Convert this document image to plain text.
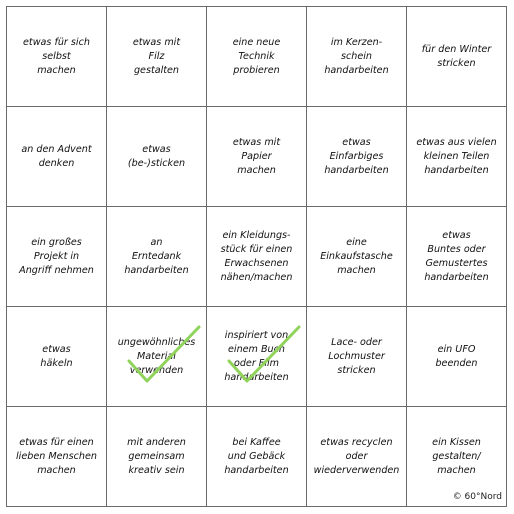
etwas für sich
selbst
machen
etwas mit
Filz
gestalten
eine neue
Technik
probieren
im Kerzen-
schein
handarbeiten
für den Winter
stricken
an den Advent
denken
etwas
(be-)sticken
etwas mit
Papier
machen
etwas
Einfarbiges
handarbeiten
etwas aus vielen
kleinen Teilen
handarbeiten
ein großes
Projekt in
Angriff nehmen
an
Erntedank
handarbeiten
ein Kleidungs-
stück für einen
Erwachsenen
nähen/machen
eine
Einkaufstasche
machen
etwas
Buntes oder
Gemustertes
handarbeiten
etwas
häkeln
ungewöhnliches
Material
verwenden
inspiriert von
einem Buch
oder Film
handarbeiten
Lace- oder
Lochmuster
stricken
ein UFO
beenden
etwas für einen
lieben Menschen
machen
mit anderen
gemeinsam
kreativ sein
bei Kaffee
und Gebäck
handarbeiten
etwas recyclen
oder
wiederverwenden
ein Kissen
gestalten/
machen
© 60°Nord
